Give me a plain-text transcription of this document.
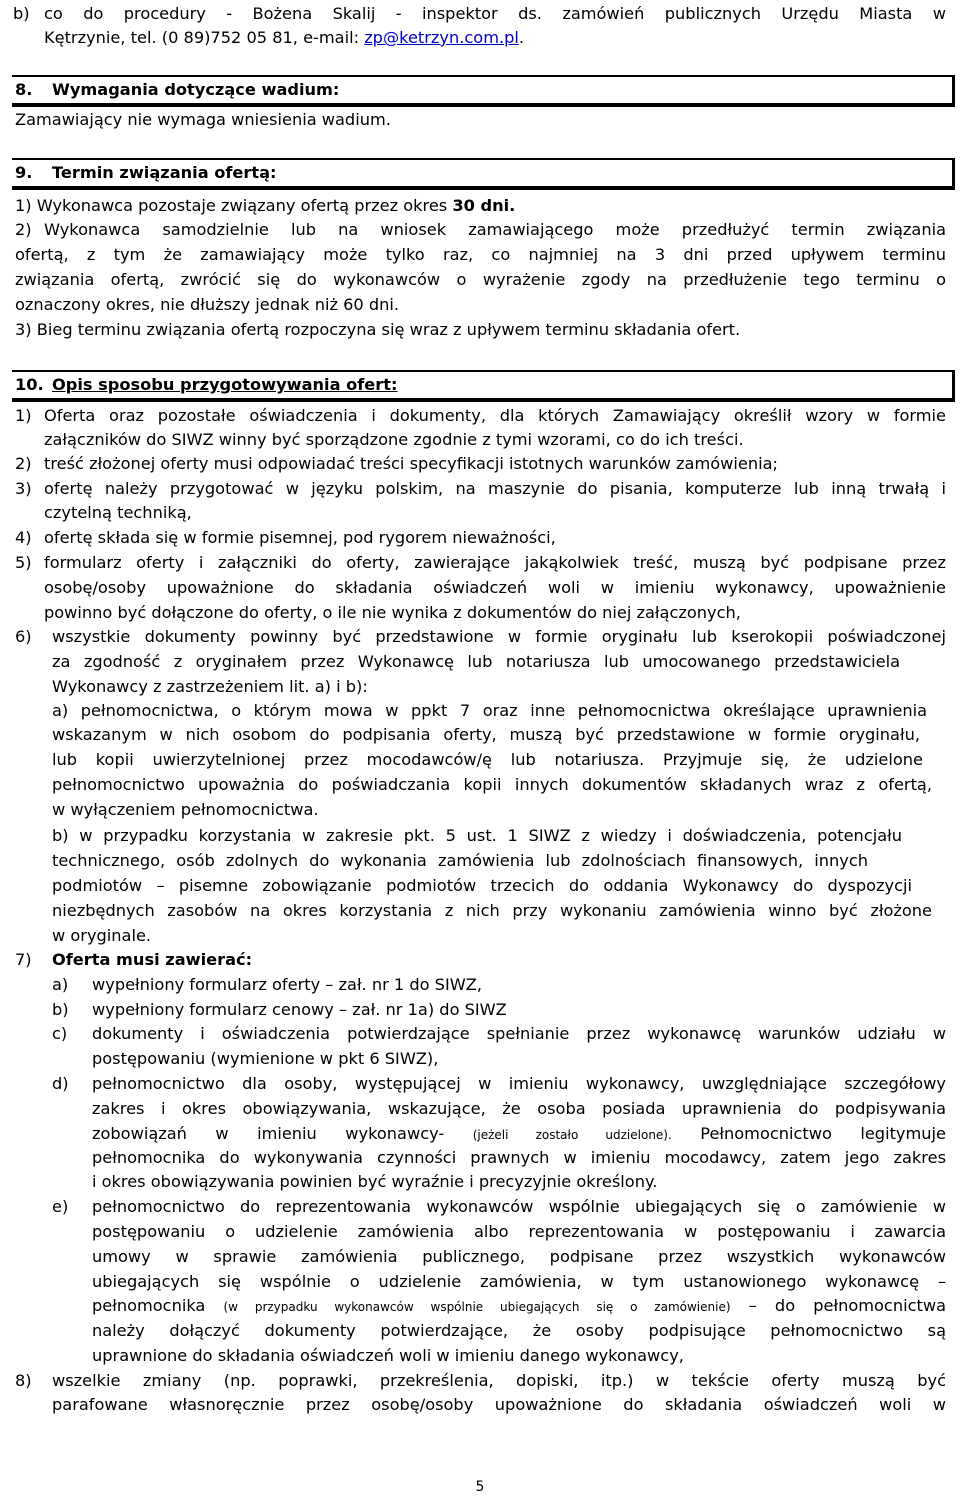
b) co do procedury - Bożena Skalij - inspektor ds. zamówień publicznych Urzędu Miasta w
Kętrzynie, tel. (0 89)752 05 81, e-mail: zp@ketrzyn.com.pl.
8. Wymagania dotyczące wadium:
Zamawiający nie wymaga wniesienia wadium.
9. Termin związania ofertą:
1) Wykonawca pozostaje związany ofertą przez okres 30 dni.
2) Wykonawca samodzielnie lub na wniosek zamawiającego może przedłużyć termin związania
ofertą, z tym że zamawiający może tylko raz, co najmniej na 3 dni przed upływem terminu
związania ofertą, zwrócić się do wykonawców o wyrażenie zgody na przedłużenie tego terminu o
oznaczony okres, nie dłuższy jednak niż 60 dni.
3) Bieg terminu związania ofertą rozpoczyna się wraz z upływem terminu składania ofert.
10. Opis sposobu przygotowywania ofert:
1) Oferta oraz pozostałe oświadczenia i dokumenty, dla których Zamawiający określił wzory w formie
załączników do SIWZ winny być sporządzone zgodnie z tymi wzorami, co do ich treści.
2) treść złożonej oferty musi odpowiadać treści specyfikacji istotnych warunków zamówienia;
3) ofertę należy przygotować w języku polskim, na maszynie do pisania, komputerze lub inną trwałą i
czytelną techniką,
4) ofertę składa się w formie pisemnej, pod rygorem nieważności,
5) formularz oferty i załączniki do oferty, zawierające jakąkolwiek treść, muszą być podpisane przez
osobę/osoby upoważnione do składania oświadczeń woli w imieniu wykonawcy, upoważnienie
powinno być dołączone do oferty, o ile nie wynika z dokumentów do niej załączonych,
6) wszystkie dokumenty powinny być przedstawione w formie oryginału lub kserokopii poświadczonej
za zgodność z oryginałem przez Wykonawcę lub notariusza lub umocowanego przedstawiciela
Wykonawcy z zastrzeżeniem lit. a) i b):
a) pełnomocnictwa, o którym mowa w ppkt 7 oraz inne pełnomocnictwa określające uprawnienia
wskazanym w nich osobom do podpisania oferty, muszą być przedstawione w formie oryginału,
lub kopii uwierzytelnionej przez mocodawców/ę lub notariusza. Przyjmuje się, że udzielone
pełnomocnictwo upoważnia do poświadczania kopii innych dokumentów składanych wraz z ofertą,
w wyłączeniem pełnomocnictwa.
b) w przypadku korzystania w zakresie pkt. 5 ust. 1 SIWZ z wiedzy i doświadczenia, potencjału
technicznego, osób zdolnych do wykonania zamówienia lub zdolnościach finansowych, innych
podmiotów – pisemne zobowiązanie podmiotów trzecich do oddania Wykonawcy do dyspozycji
niezbędnych zasobów na okres korzystania z nich przy wykonaniu zamówienia winno być złożone
w oryginale.
7) Oferta musi zawierać:
a) wypełniony formularz oferty – zał. nr 1 do SIWZ,
b) wypełniony formularz cenowy – zał. nr 1a) do SIWZ
c) dokumenty i oświadczenia potwierdzające spełnianie przez wykonawcę warunków udziału w
postępowaniu (wymienione w pkt 6 SIWZ),
d) pełnomocnictwo dla osoby, występującej w imieniu wykonawcy, uwzględniające szczegółowy
zakres i okres obowiązywania, wskazujące, że osoba posiada uprawnienia do podpisywania
zobowiązań w imieniu wykonawcy- (jeżeli zostało udzielone). Pełnomocnictwo legitymuje
pełnomocnika do wykonywania czynności prawnych w imieniu mocodawcy, zatem jego zakres
i okres obowiązywania powinien być wyraźnie i precyzyjnie określony.
e) pełnomocnictwo do reprezentowania wykonawców wspólnie ubiegających się o zamówienie w
postępowaniu o udzielenie zamówienia albo reprezentowania w postępowaniu i zawarcia
umowy w sprawie zamówienia publicznego, podpisane przez wszystkich wykonawców
ubiegających się wspólnie o udzielenie zamówienia, w tym ustanowionego wykonawcę –
pełnomocnika (w przypadku wykonawców wspólnie ubiegających się o zamówienie) – do pełnomocnictwa
należy dołączyć dokumenty potwierdzające, że osoby podpisujące pełnomocnictwo są
uprawnione do składania oświadczeń woli w imieniu danego wykonawcy,
8) wszelkie zmiany (np. poprawki, przekreślenia, dopiski, itp.) w tekście oferty muszą być
parafowane własnoręcznie przez osobę/osoby upoważnione do składania oświadczeń woli w
5
